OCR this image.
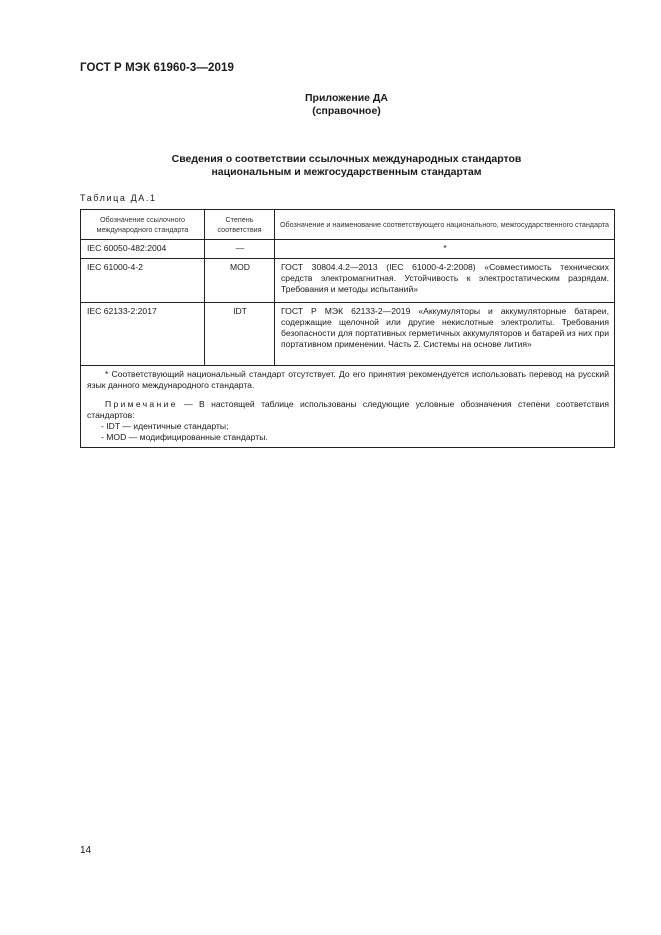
ГОСТ Р МЭК 61960-3—2019
Приложение ДА
(справочное)
Сведения о соответствии ссылочных международных стандартов
национальным и межгосударственным стандартам
Таблица ДА.1
Обозначение ссылочного международного стандарта	Степень соответствия	Обозначение и наименование соответствующего национального, межгосударственного стандарта
IEC 60050-482:2004	—	*
IEC 61000-4-2	MOD	ГОСТ 30804.4.2—2013 (IEC 61000-4-2:2008) «Совместимость технических средств электромагнитная. Устойчивость к электростатическим разрядам. Требования и методы испытаний»
IEC 62133-2:2017	IDT	ГОСТ Р МЭК 62133-2—2019 «Аккумуляторы и аккумуляторные батареи, содержащие щелочной или другие некислотные электролиты. Требования безопасности для портативных герметичных аккумуляторов и батарей из них при портативном применении. Часть 2. Системы на основе лития»

* Соответствующий национальный стандарт отсутствует. До его принятия рекомендуется использовать перевод на русский язык данного международного стандарта.
Примечание — В настоящей таблице использованы следующие условные обозначения степени соответствия стандартов:
- IDT — идентичные стандарты;
- MOD — модифицированные стандарты.		
14
